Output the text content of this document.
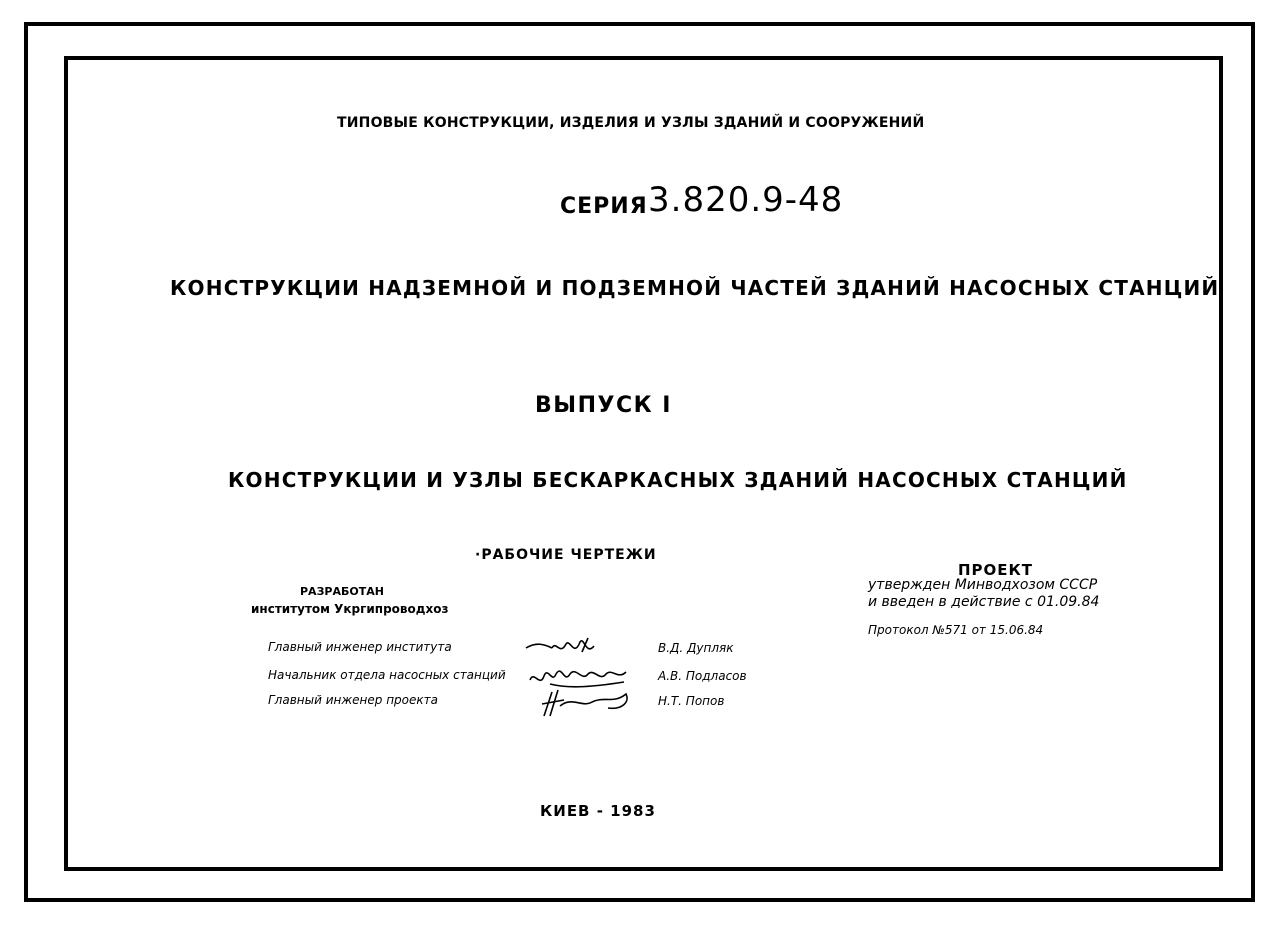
ТИПОВЫЕ КОНСТРУКЦИИ, ИЗДЕЛИЯ И УЗЛЫ ЗДАНИЙ И СООРУЖЕНИЙ
СЕРИЯ 3.820.9-48
КОНСТРУКЦИИ НАДЗЕМНОЙ И ПОДЗЕМНОЙ ЧАСТЕЙ ЗДАНИЙ НАСОСНЫХ СТАНЦИЙ
ВЫПУСК I
КОНСТРУКЦИИ И УЗЛЫ БЕСКАРКАСНЫХ ЗДАНИЙ НАСОСНЫХ СТАНЦИЙ
·РАБОЧИЕ ЧЕРТЕЖИ
РАЗРАБОТАН
институтом Укргипроводхоз
Главный инженер института
Начальник отдела насосных станций
Главный инженер проекта
В.Д. Дупляк
А.В. Подласов
Н.Т. Попов
ПРОЕКТ
утвержден Минводхозом СССР
и введен в действие с 01.09.84
Протокол №571 от 15.06.84
КИЕВ - 1983
